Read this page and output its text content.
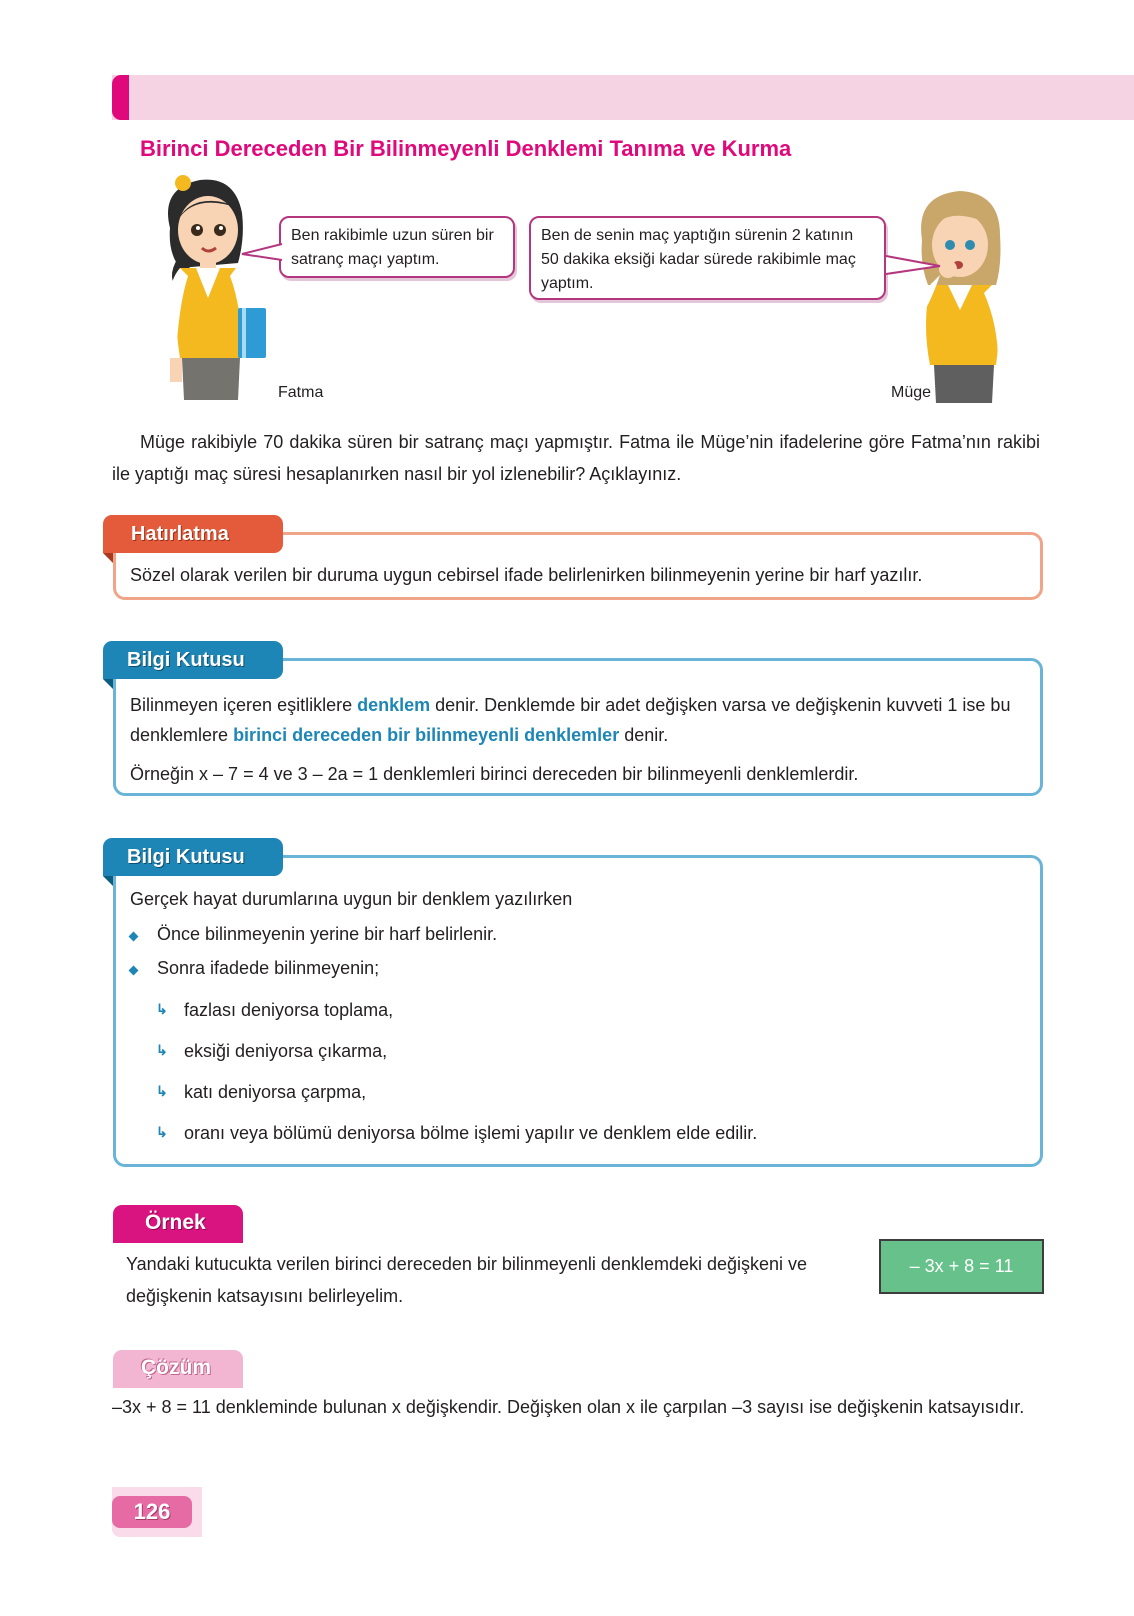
Birinci Dereceden Bir Bilinmeyenli Denklemi Tanıma ve Kurma
Ben rakibimle uzun süren bir satranç maçı yaptım.
Ben de senin maç yaptığın sürenin 2 katının 50 dakika eksiği kadar sürede rakibimle maç yaptım.
Fatma	Müge
Müge rakibiyle 70 dakika süren bir satranç maçı yapmıştır. Fatma ile Müge’nin ifadelerine göre Fatma’nın rakibi ile yaptığı maç süresi hesaplanırken nasıl bir yol izlenebilir? Açıklayınız.
Hatırlatma
Sözel olarak verilen bir duruma uygun cebirsel ifade belirlenirken bilinmeyenin yerine bir harf yazılır.
Bilgi Kutusu
Bilinmeyen içeren eşitliklere denklem denir. Denklemde bir adet değişken varsa ve değişkenin kuvveti 1 ise bu denklemlere birinci dereceden bir bilinmeyenli denklemler denir.
Örneğin x – 7 = 4 ve 3 – 2a = 1 denklemleri birinci dereceden bir bilinmeyenli denklemlerdir.
Bilgi Kutusu
Gerçek hayat durumlarına uygun bir denklem yazılırken
Önce bilinmeyenin yerine bir harf belirlenir.
Sonra ifadede bilinmeyenin;
↳ fazlası deniyorsa toplama,
↳ eksiği deniyorsa çıkarma,
↳ katı deniyorsa çarpma,
↳ oranı veya bölümü deniyorsa bölme işlemi yapılır ve denklem elde edilir.
Örnek
Yandaki kutucukta verilen birinci dereceden bir bilinmeyenli denklemdeki değişkeni ve değişkenin katsayısını belirleyelim.
– 3x + 8 = 11
Çözüm
–3x + 8 = 11 denkleminde bulunan x değişkendir. Değişken olan x ile çarpılan –3 sayısı ise değişkenin katsayısıdır.
126
